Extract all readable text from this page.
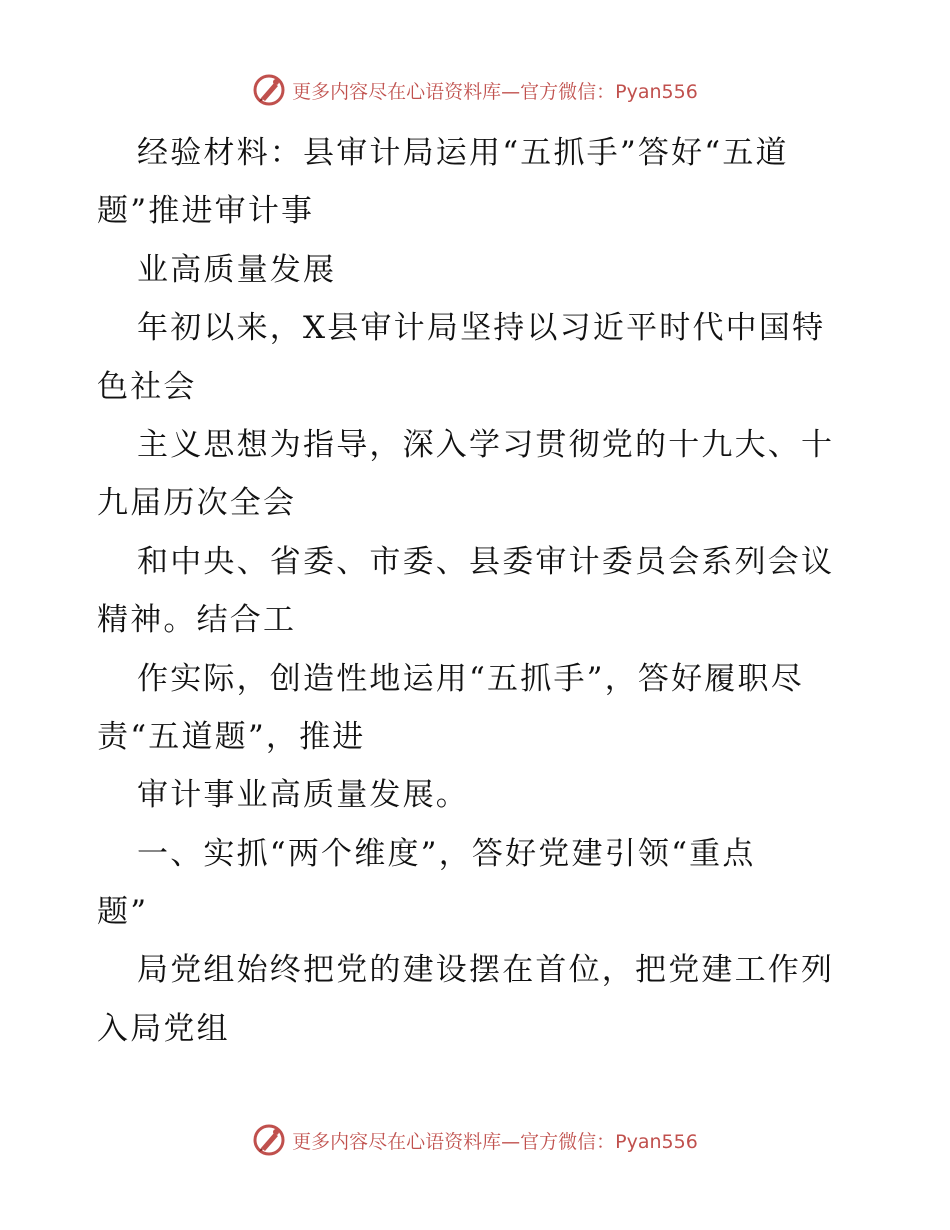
更多内容尽在心语资料库—官方微信：Pyan556
经验材料：县审计局运用“五抓手”答好“五道
题”推进审计事
业高质量发展
年初以来，X县审计局坚持以习近平时代中国特
色社会
主义思想为指导，深入学习贯彻党的十九大、十
九届历次全会
和中央、省委、市委、县委审计委员会系列会议
精神。结合工
作实际，创造性地运用“五抓手”，答好履职尽
责“五道题”，推进
审计事业高质量发展。
一、实抓“两个维度”，答好党建引领“重点
题”
局党组始终把党的建设摆在首位，把党建工作列
入局党组
更多内容尽在心语资料库—官方微信：Pyan556
